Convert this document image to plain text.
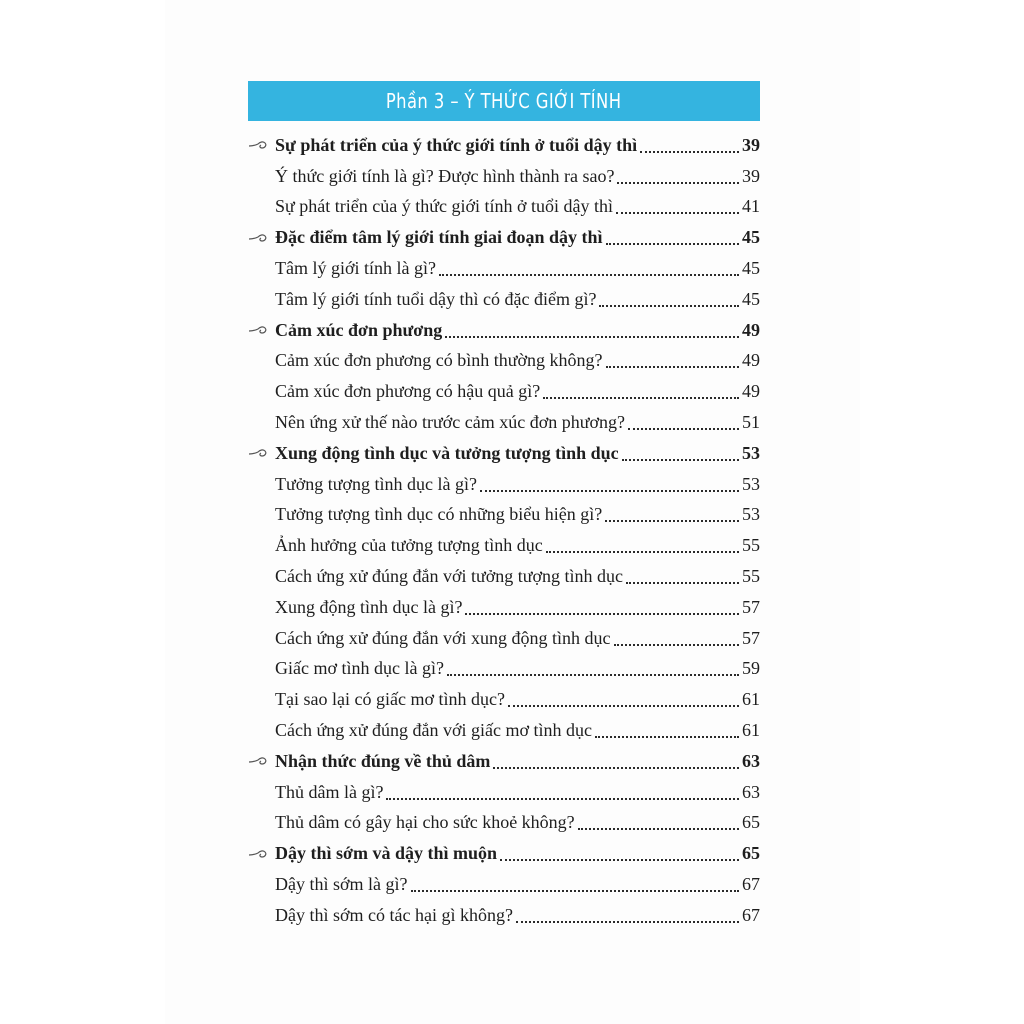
Phần 3 – Ý THỨC GIỚI TÍNH
Sự phát triển của ý thức giới tính ở tuổi dậy thì	39
Ý thức giới tính là gì? Được hình thành ra sao?	39
Sự phát triển của ý thức giới tính ở tuổi dậy thì	41
Đặc điểm tâm lý giới tính giai đoạn dậy thì	45
Tâm lý giới tính là gì?	45
Tâm lý giới tính tuổi dậy thì có đặc điểm gì?	45
Cảm xúc đơn phương	49
Cảm xúc đơn phương có bình thường không?	49
Cảm xúc đơn phương có hậu quả gì?	49
Nên ứng xử thế nào trước cảm xúc đơn phương?	51
Xung động tình dục và tưởng tượng tình dục	53
Tưởng tượng tình dục là gì?	53
Tưởng tượng tình dục có những biểu hiện gì?	53
Ảnh hưởng của tưởng tượng tình dục	55
Cách ứng xử đúng đắn với tưởng tượng tình dục	55
Xung động tình dục là gì?	57
Cách ứng xử đúng đắn với xung động tình dục	57
Giấc mơ tình dục là gì?	59
Tại sao lại có giấc mơ tình dục?	61
Cách ứng xử đúng đắn với giấc mơ tình dục	61
Nhận thức đúng về thủ dâm	63
Thủ dâm là gì?	63
Thủ dâm có gây hại cho sức khoẻ không?	65
Dậy thì sớm và dậy thì muộn	65
Dậy thì sớm là gì?	67
Dậy thì sớm có tác hại gì không?	67
